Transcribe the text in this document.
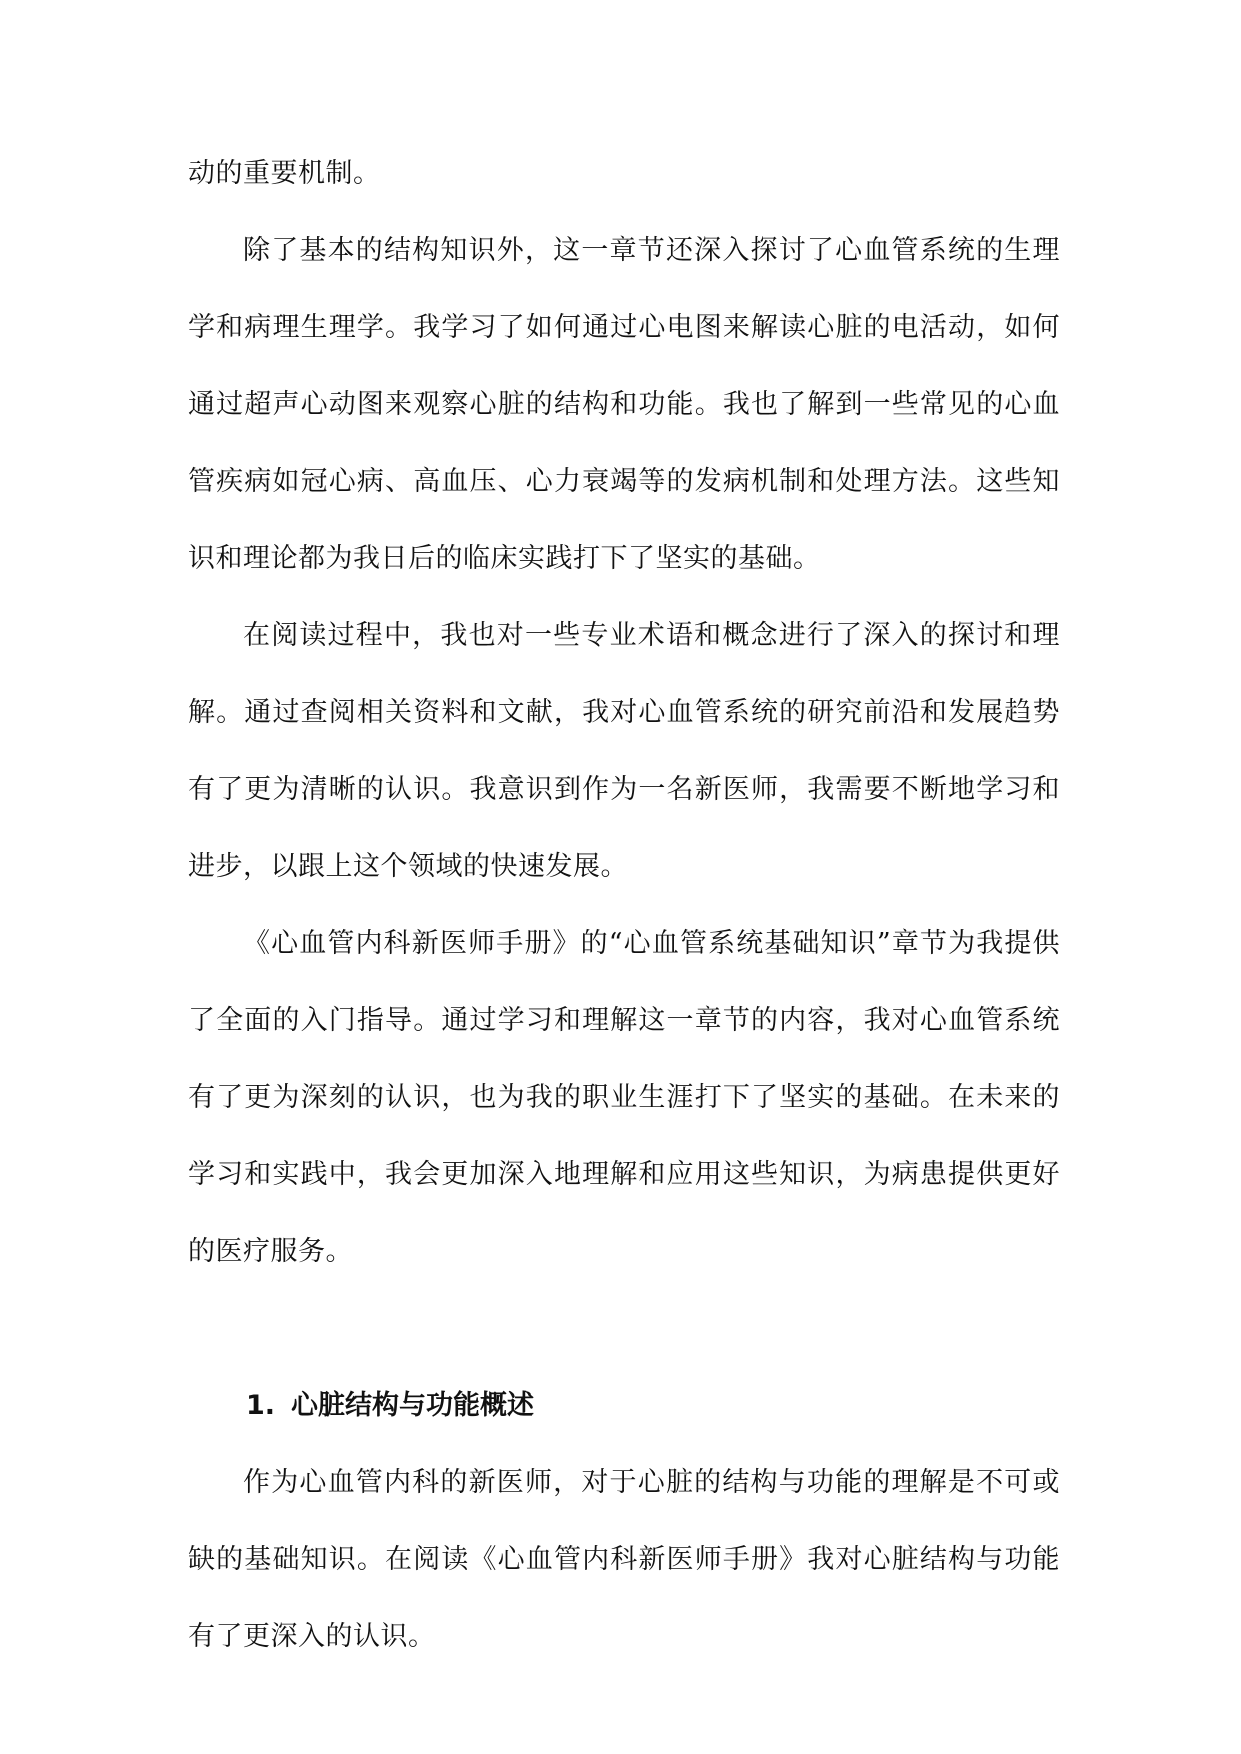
动的重要机制。

除了基本的结构知识外，这一章节还深入探讨了心血管系统的生理学和病理生理学。我学习了如何通过心电图来解读心脏的电活动，如何通过超声心动图来观察心脏的结构和功能。我也了解到一些常见的心血管疾病如冠心病、高血压、心力衰竭等的发病机制和处理方法。这些知识和理论都为我日后的临床实践打下了坚实的基础。

在阅读过程中，我也对一些专业术语和概念进行了深入的探讨和理解。通过查阅相关资料和文献，我对心血管系统的研究前沿和发展趋势有了更为清晰的认识。我意识到作为一名新医师，我需要不断地学习和进步，以跟上这个领域的快速发展。

《心血管内科新医师手册》的“心血管系统基础知识”章节为我提供了全面的入门指导。通过学习和理解这一章节的内容，我对心血管系统有了更为深刻的认识，也为我的职业生涯打下了坚实的基础。在未来的学习和实践中，我会更加深入地理解和应用这些知识，为病患提供更好的医疗服务。

1. 心脏结构与功能概述

作为心血管内科的新医师，对于心脏的结构与功能的理解是不可或缺的基础知识。在阅读《心血管内科新医师手册》我对心脏结构与功能有了更深入的认识。
